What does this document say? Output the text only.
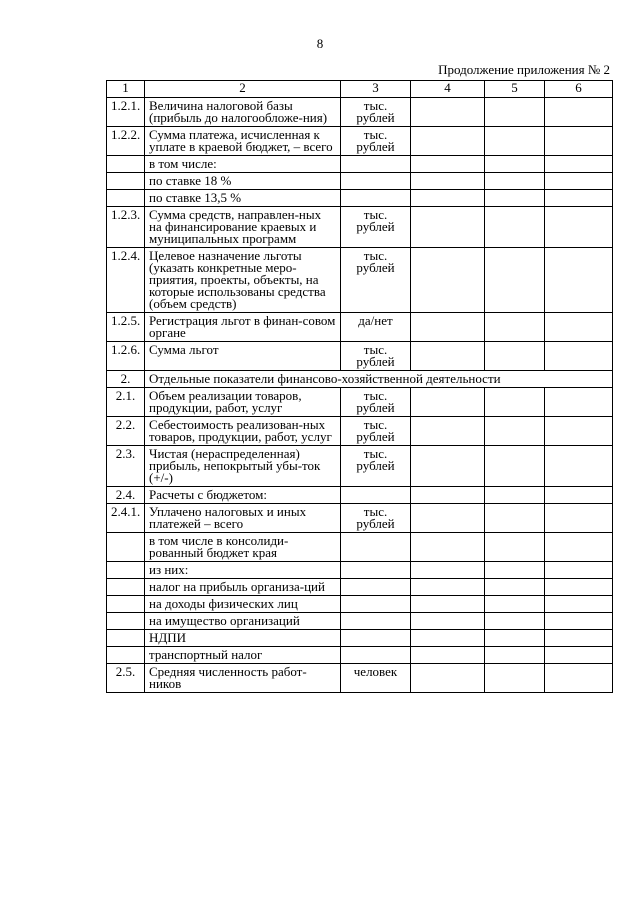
8
Продолжение приложения № 2
1	2	3	4	5	6
1.2.1.	Величина налоговой базы (прибыль до налогообложе-ния)	тыс. рублей			
1.2.2.	Сумма платежа, исчисленная к уплате в краевой бюджет, – всего	тыс. рублей			
	в том числе:				
	по ставке 18 %				
	по ставке 13,5 %				
1.2.3.	Сумма средств, направлен-ных на финансирование краевых и муниципальных программ	тыс. рублей			
1.2.4.	Целевое назначение льготы (указать конкретные меро-приятия, проекты, объекты, на которые использованы средства (объем средств)	тыс. рублей			
1.2.5.	Регистрация льгот в финан-совом органе	да/нет			
1.2.6.	Сумма льгот	тыс. рублей			
2.	Отдельные показатели финансово-хозяйственной деятельности				
2.1.	Объем реализации товаров, продукции, работ, услуг	тыс. рублей			
2.2.	Себестоимость реализован-ных товаров, продукции, работ, услуг	тыс. рублей			
2.3.	Чистая (нераспределенная) прибыль, непокрытый убы-ток (+/-)	тыс. рублей			
2.4.	Расчеты с бюджетом:				
2.4.1.	Уплачено налоговых и иных платежей – всего	тыс. рублей			
	в том числе в консолиди-рованный бюджет края				
	из них:				
	налог на прибыль организа-ций				
	на доходы физических лиц				
	на имущество организаций				
	НДПИ				
	транспортный налог				
2.5.	Средняя численность работ-ников	человек			
